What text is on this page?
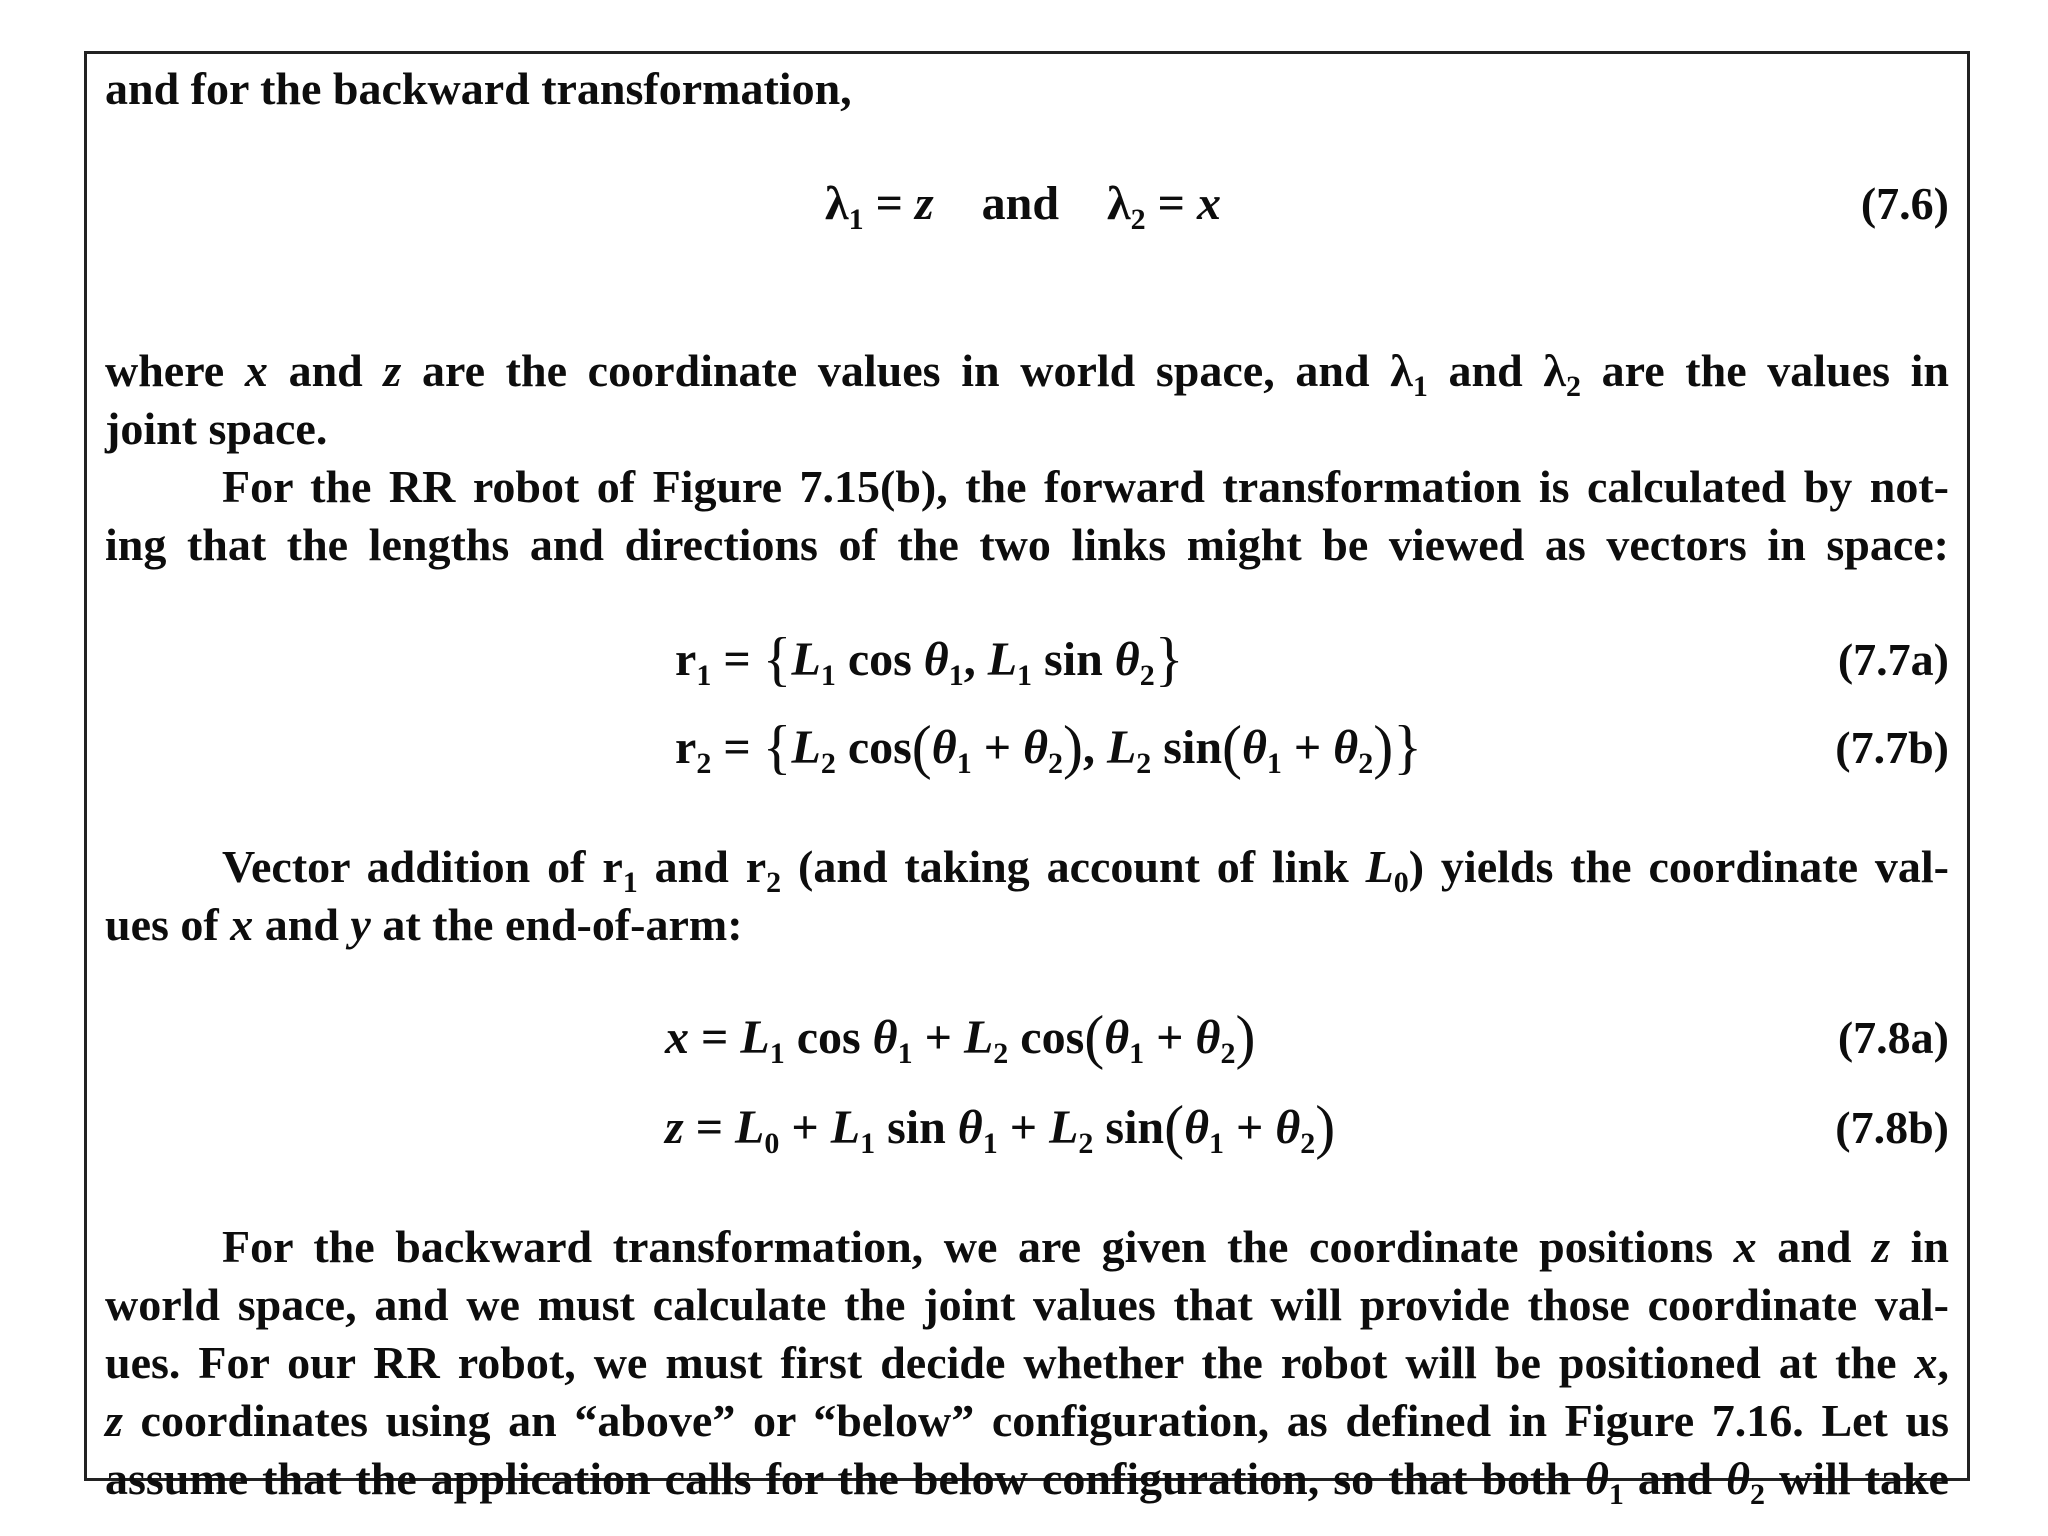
and for the backward transformation,
$\lambda_1 = z$ and $\lambda_2 = x$	(7.6)
where x and z are the coordinate values in world space, and $\lambda_1$ and $\lambda_2$ are the values in
joint space.
For the RR robot of Figure 7.15(b), the forward transformation is calculated by not-
ing that the lengths and directions of the two links might be viewed as vectors in space:
$r_1 = \{L_1$ $\cos \theta_1$, $L_1$ $\sin \theta_2$}	(7.7a)
$r_2 = \{L_2$ $\cos(\theta_1 + \theta_2)$, $L_2$ $\sin(\theta_1 + \theta_2)$}	(7.7b)
Vector addition of $r_1$ and $r_2$ (and taking account of link $L_0$) yields the coordinate val-
ues of x and y at the end-of-arm:
$x = L_1$ $\cos \theta_1 + L_2$ $\cos(\theta_1 + \theta_2)$	(7.8a)
$z = L_0 + L_1$ $\sin \theta_1 + L_2$ $\sin(\theta_1 + \theta_2)$	(7.8b)
For the backward transformation, we are given the coordinate positions x and z in
world space, and we must calculate the joint values that will provide those coordinate val-
ues. For our RR robot, we must first decide whether the robot will be positioned at the x,
z coordinates using an “above” or “below” configuration, as defined in Figure 7.16. Let us
assume that the application calls for the below configuration, so that both $\theta_1$ and $\theta_2$ will take
